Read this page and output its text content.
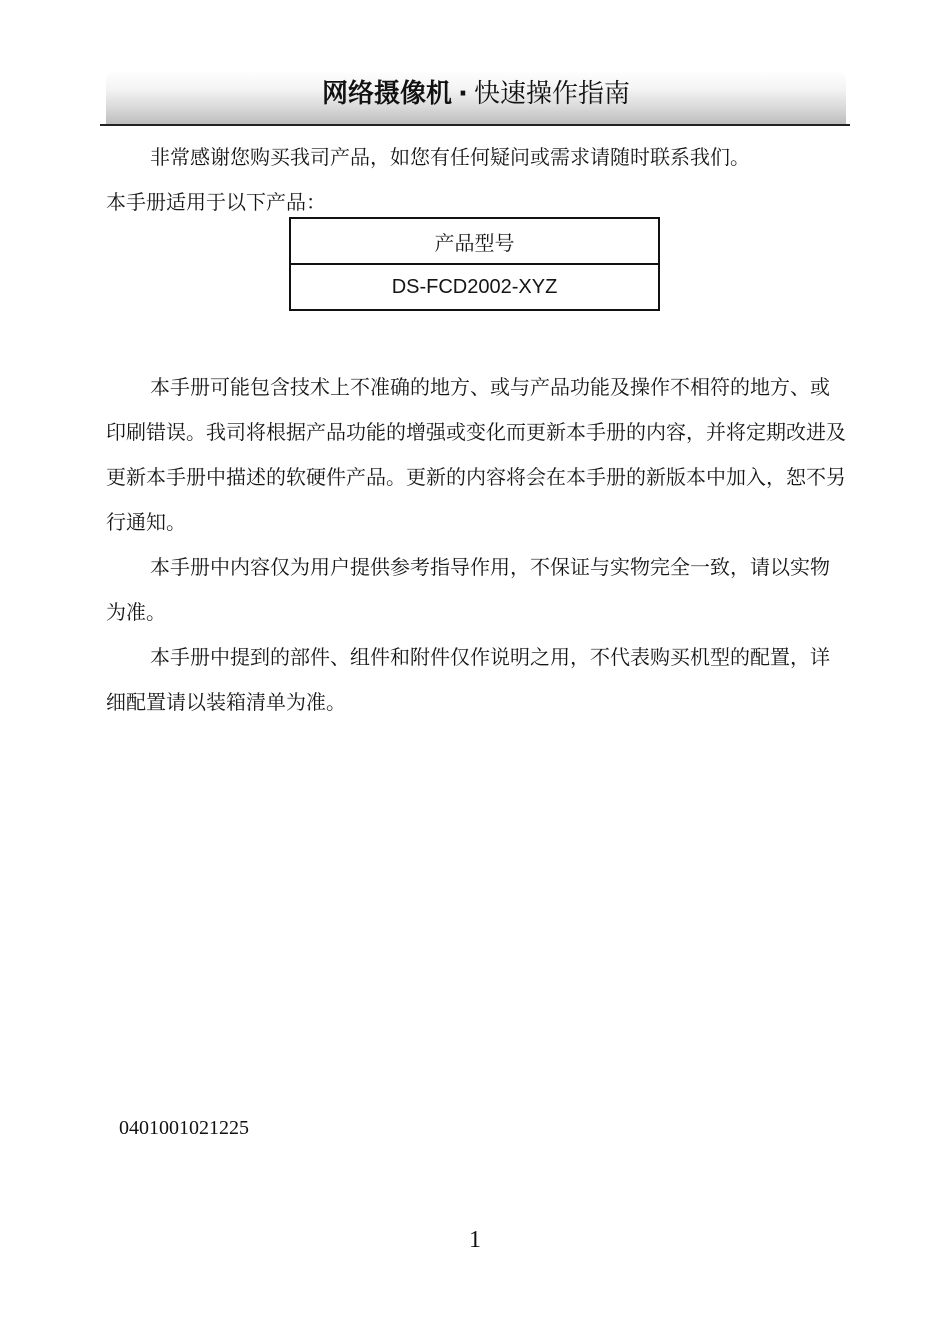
网络摄像机 · 快速操作指南

非常感谢您购买我司产品，如您有任何疑问或需求请随时联系我们。

本手册适用于以下产品：

产品型号
DS-FCD2002-XYZ

本手册可能包含技术上不准确的地方、或与产品功能及操作不相符的地方、或印刷错误。我司将根据产品功能的增强或变化而更新本手册的内容，并将定期改进及更新本手册中描述的软硬件产品。更新的内容将会在本手册的新版本中加入，恕不另行通知。

本手册中内容仅为用户提供参考指导作用，不保证与实物完全一致，请以实物为准。

本手册中提到的部件、组件和附件仅作说明之用，不代表购买机型的配置，详细配置请以装箱清单为准。

0401001021225
1
